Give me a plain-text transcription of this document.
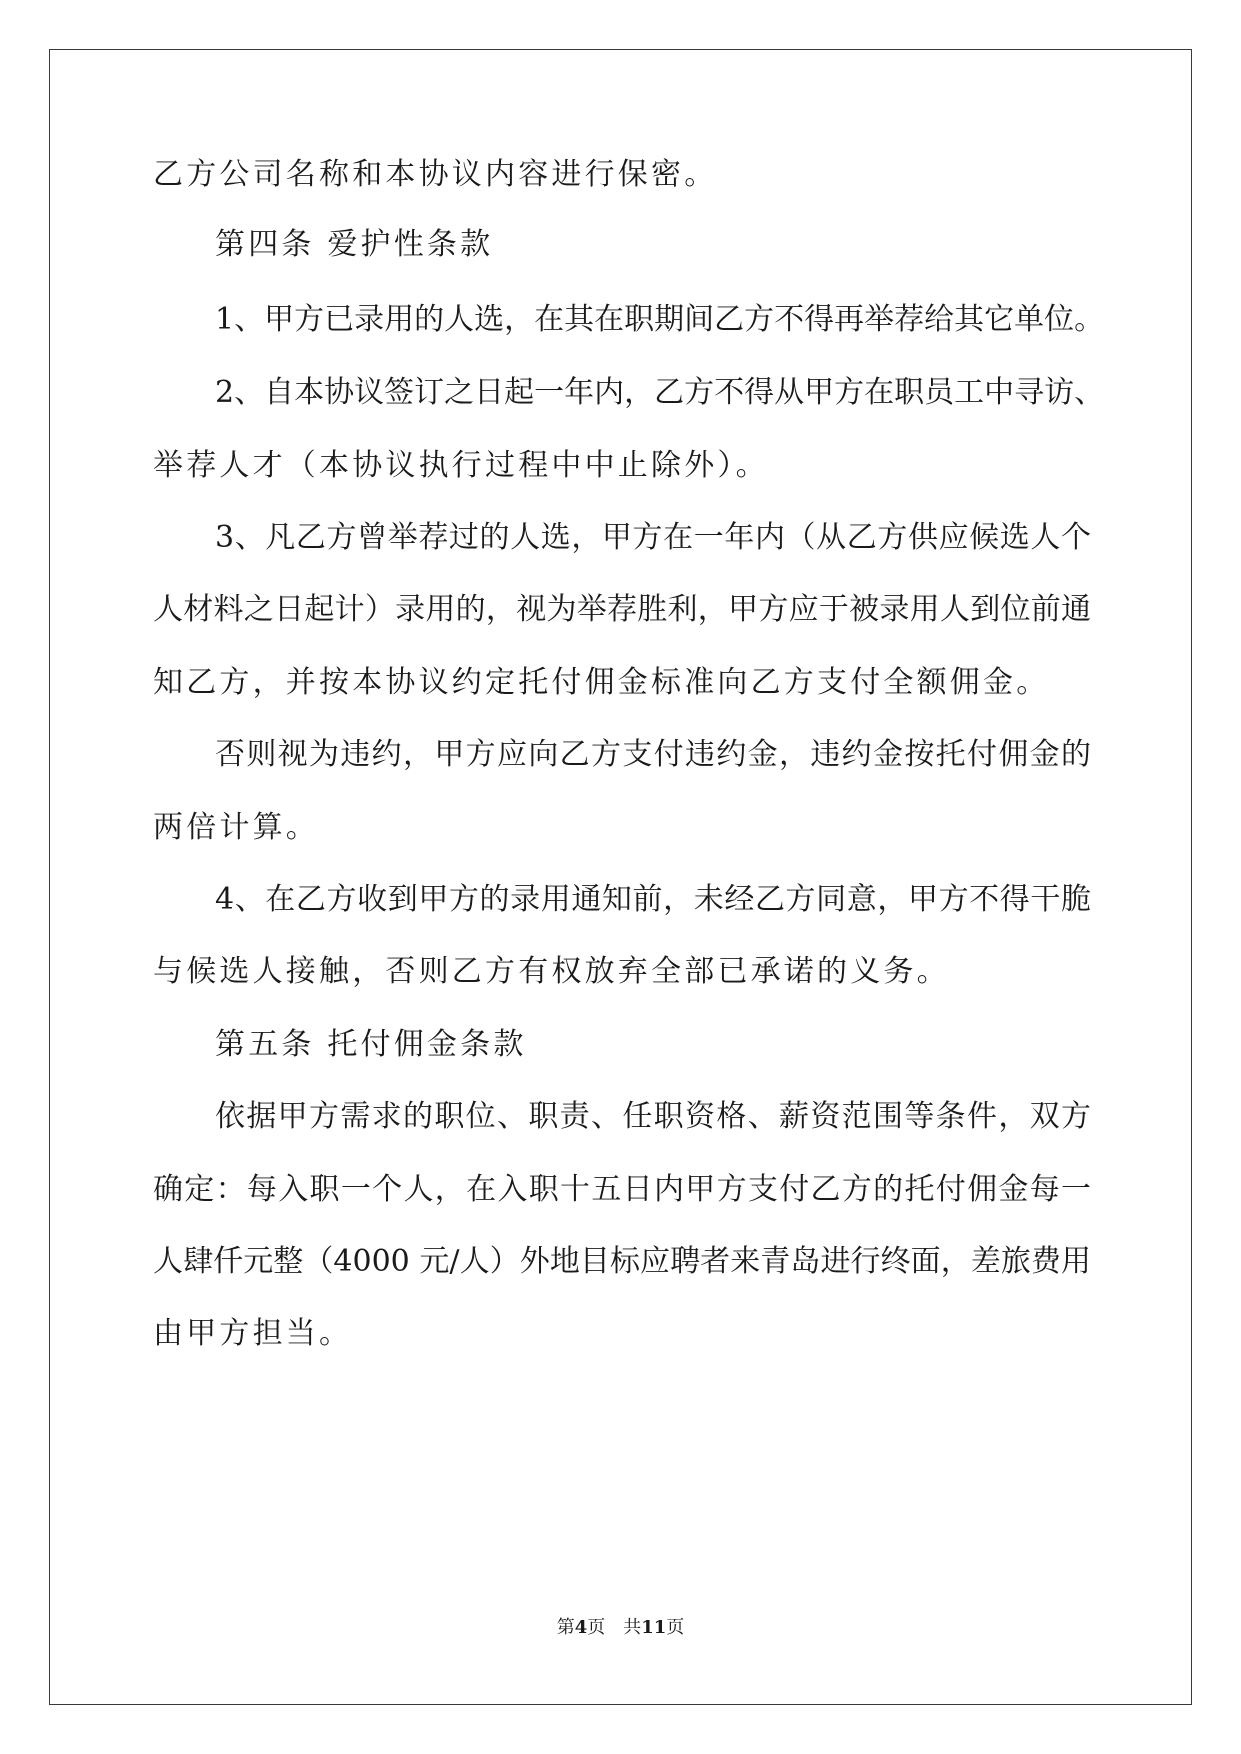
乙方公司名称和本协议内容进行保密。
第四条 爱护性条款
1、甲方已录用的人选，在其在职期间乙方不得再举荐给其它单位。
2、自本协议签订之日起一年内，乙方不得从甲方在职员工中寻访、
举荐人才（本协议执行过程中中止除外）。
3、凡乙方曾举荐过的人选，甲方在一年内（从乙方供应候选人个
人材料之日起计）录用的，视为举荐胜利，甲方应于被录用人到位前通
知乙方，并按本协议约定托付佣金标准向乙方支付全额佣金。
否则视为违约，甲方应向乙方支付违约金，违约金按托付佣金的
两倍计算。
4、在乙方收到甲方的录用通知前，未经乙方同意，甲方不得干脆
与候选人接触，否则乙方有权放弃全部已承诺的义务。
第五条 托付佣金条款
依据甲方需求的职位、职责、任职资格、薪资范围等条件，双方
确定：每入职一个人，在入职十五日内甲方支付乙方的托付佣金每一
人肆仟元整（4000 元/人）外地目标应聘者来青岛进行终面，差旅费用
由甲方担当。
第4页 共11页
